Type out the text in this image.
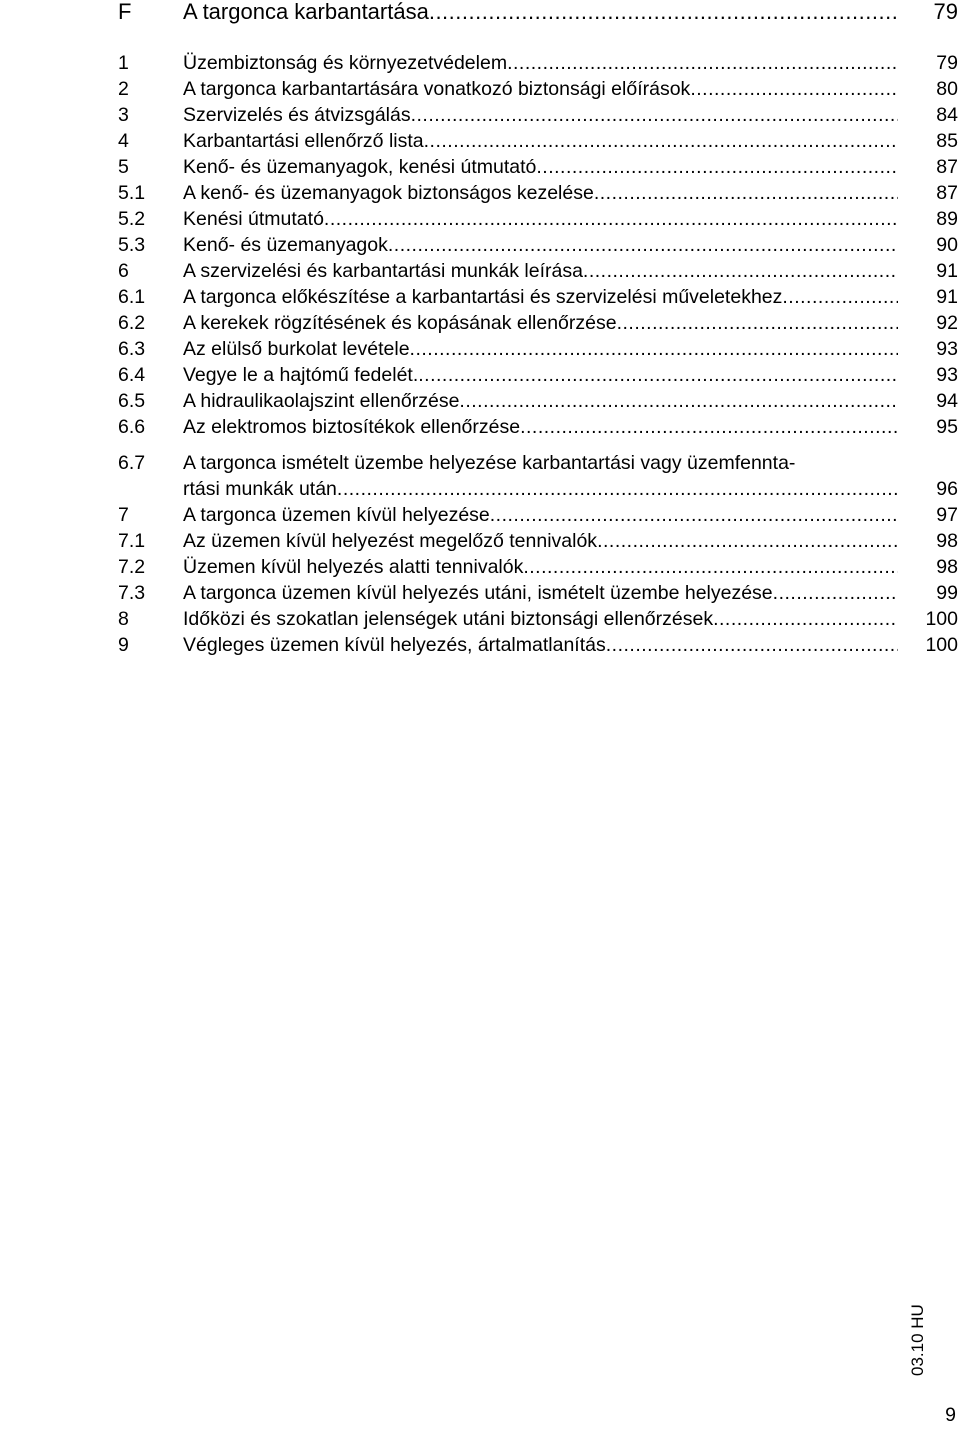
F	A targonca karbantartása .....	79
1	Üzembiztonság és környezetvédelem .....	79
2	A targonca karbantartására vonatkozó biztonsági előírások .....	80
3	Szervizelés és átvizsgálás .....	84
4	Karbantartási ellenőrző lista .....	85
5	Kenő- és üzemanyagok, kenési útmutató .....	87
5.1	A kenő- és üzemanyagok biztonságos kezelése .....	87
5.2	Kenési útmutató .....	89
5.3	Kenő- és üzemanyagok .....	90
6	A szervizelési és karbantartási munkák leírása .....	91
6.1	A targonca előkészítése a karbantartási és szervizelési műveletekhez .....	91
6.2	A kerekek rögzítésének és kopásának ellenőrzése .....	92
6.3	Az elülső burkolat levétele .....	93
6.4	Vegye le a hajtómű fedelét. .....	93
6.5	A hidraulikaolajszint ellenőrzése .....	94
6.6	Az elektromos biztosítékok ellenőrzése .....	95
6.7	A targonca ismételt üzembe helyezése karbantartási vagy üzemfennta-
rtási munkák után .....	96
7	A targonca üzemen kívül helyezése .....	97
7.1	Az üzemen kívül helyezést megelőző tennivalók .....	98
7.2	Üzemen kívül helyezés alatti tennivalók .....	98
7.3	A targonca üzemen kívül helyezés utáni, ismételt üzembe helyezése .....	99
8	Időközi és szokatlan jelenségek utáni biztonsági ellenőrzések .....	100
9	Végleges üzemen kívül helyezés, ártalmatlanítás .....	100
03.10 HU
9
